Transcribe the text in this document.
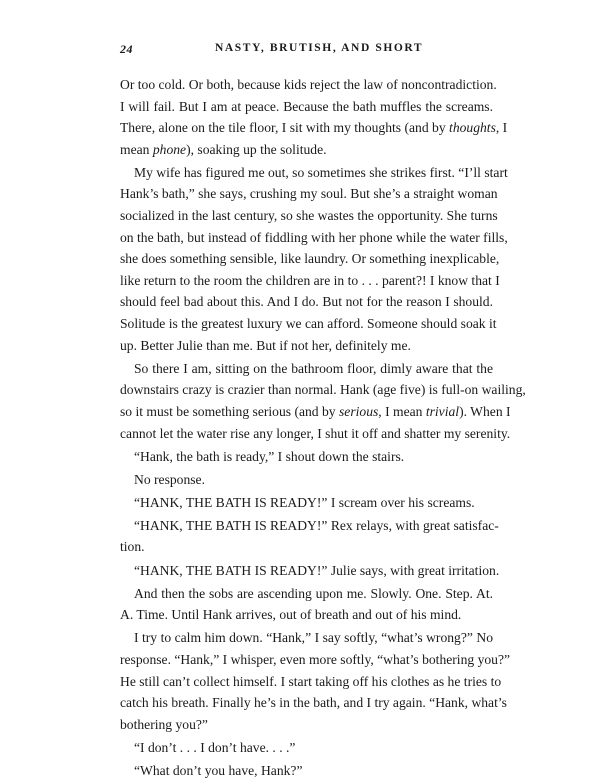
24	NASTY, BRUTISH, AND SHORT
Or too cold. Or both, because kids reject the law of noncontradiction.
I will fail. But I am at peace. Because the bath muffles the screams.
There, alone on the tile floor, I sit with my thoughts (and by thoughts, I
mean phone), soaking up the solitude.
My wife has figured me out, so sometimes she strikes first. “I’ll start
Hank’s bath,” she says, crushing my soul. But she’s a straight woman
socialized in the last century, so she wastes the opportunity. She turns
on the bath, but instead of fiddling with her phone while the water fills,
she does something sensible, like laundry. Or something inexplicable,
like return to the room the children are in to . . . parent?! I know that I
should feel bad about this. And I do. But not for the reason I should.
Solitude is the greatest luxury we can afford. Someone should soak it
up. Better Julie than me. But if not her, definitely me.
So there I am, sitting on the bathroom floor, dimly aware that the
downstairs crazy is crazier than normal. Hank (age five) is full-on wailing,
so it must be something serious (and by serious, I mean trivial). When I
cannot let the water rise any longer, I shut it off and shatter my serenity.
“Hank, the bath is ready,” I shout down the stairs.
No response.
“HANK, THE BATH IS READY!” I scream over his screams.
“HANK, THE BATH IS READY!” Rex relays, with great satisfac-
tion.
“HANK, THE BATH IS READY!” Julie says, with great irritation.
And then the sobs are ascending upon me. Slowly. One. Step. At.
A. Time. Until Hank arrives, out of breath and out of his mind.
I try to calm him down. “Hank,” I say softly, “what’s wrong?” No
response. “Hank,” I whisper, even more softly, “what’s bothering you?”
He still can’t collect himself. I start taking off his clothes as he tries to
catch his breath. Finally he’s in the bath, and I try again. “Hank, what’s
bothering you?”
“I don’t . . . I don’t have. . . .”
“What don’t you have, Hank?”
